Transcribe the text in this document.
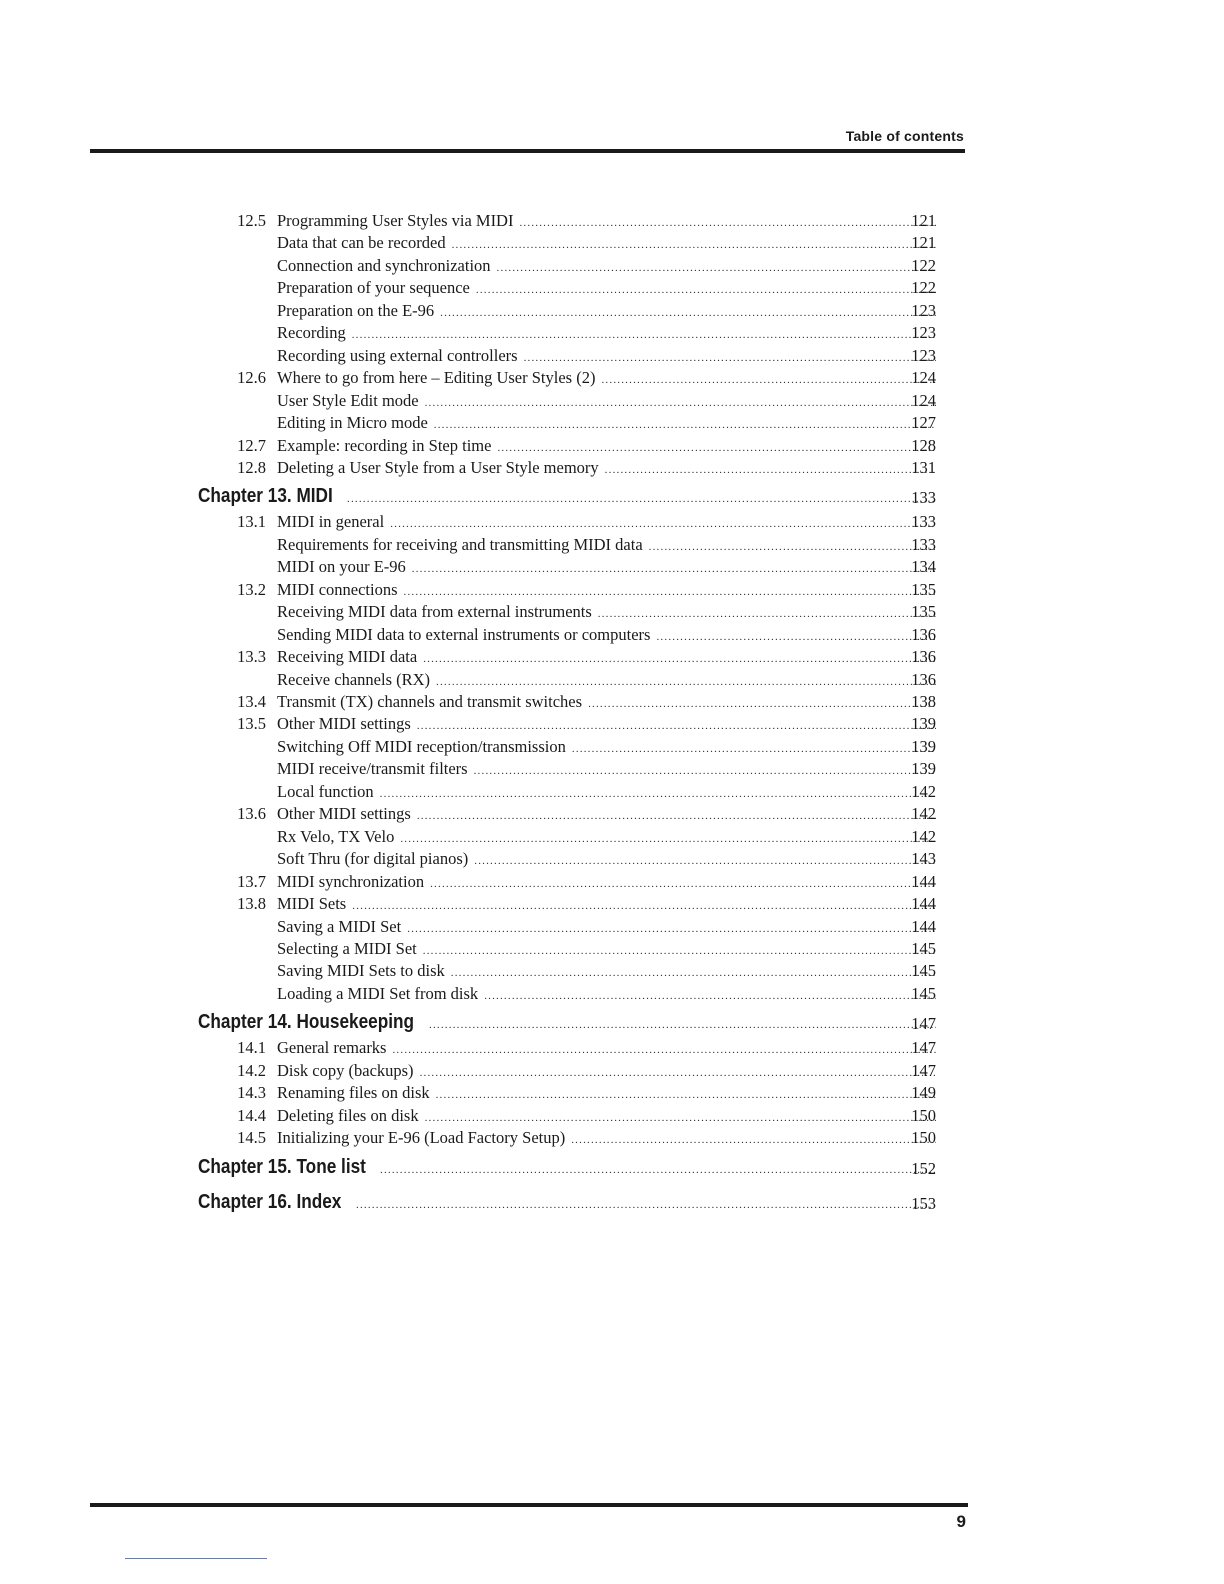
Table of contents
12.5 Programming User Styles via MIDI .....	121
Data that can be recorded .....	121
Connection and synchronization .....	122
Preparation of your sequence .....	122
Preparation on the E-96 .....	123
Recording .....	123
Recording using external controllers .....	123
12.6 Where to go from here – Editing User Styles (2) .....	124
User Style Edit mode .....	124
Editing in Micro mode .....	127
12.7 Example: recording in Step time .....	128
12.8 Deleting a User Style from a User Style memory .....	131
Chapter 13. MIDI .....	133
13.1 MIDI in general .....	133
Requirements for receiving and transmitting MIDI data .....	133
MIDI on your E-96 .....	134
13.2 MIDI connections .....	135
Receiving MIDI data from external instruments .....	135
Sending MIDI data to external instruments or computers .....	136
13.3 Receiving MIDI data .....	136
Receive channels (RX) .....	136
13.4 Transmit (TX) channels and transmit switches .....	138
13.5 Other MIDI settings .....	139
Switching Off MIDI reception/transmission .....	139
MIDI receive/transmit filters .....	139
Local function .....	142
13.6 Other MIDI settings .....	142
Rx Velo, TX Velo .....	142
Soft Thru (for digital pianos) .....	143
13.7 MIDI synchronization .....	144
13.8 MIDI Sets .....	144
Saving a MIDI Set .....	144
Selecting a MIDI Set .....	145
Saving MIDI Sets to disk .....	145
Loading a MIDI Set from disk .....	145
Chapter 14. Housekeeping .....	147
14.1 General remarks .....	147
14.2 Disk copy (backups) .....	147
14.3 Renaming files on disk .....	149
14.4 Deleting files on disk .....	150
14.5 Initializing your E-96 (Load Factory Setup) .....	150
Chapter 15. Tone list .....	152
Chapter 16. Index .....	153
9
